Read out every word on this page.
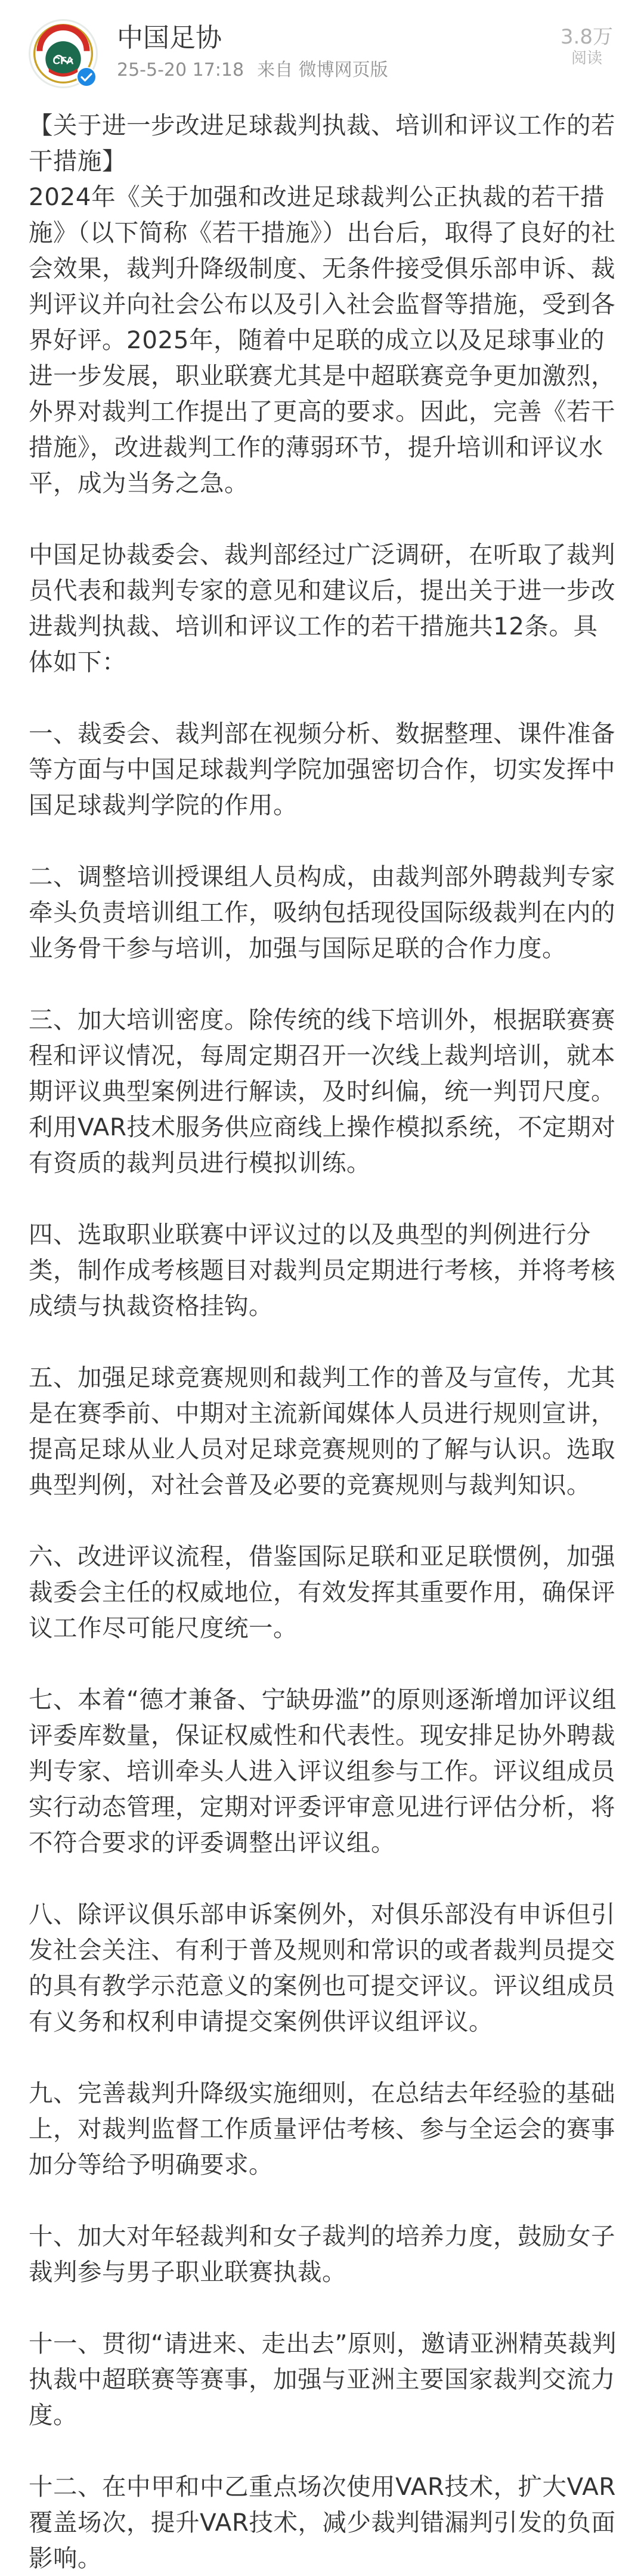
CFA
中国足协
25-5-20 17:18 来自 微博网页版
3.8万
阅读

【关于进一步改进足球裁判执裁、培训和评议工作的若干措施】

2024年《关于加强和改进足球裁判公正执裁的若干措施》（以下简称《若干措施》）出台后，取得了良好的社会效果，裁判升降级制度、无条件接受俱乐部申诉、裁判评议并向社会公布以及引入社会监督等措施，受到各界好评。2025年，随着中足联的成立以及足球事业的进一步发展，职业联赛尤其是中超联赛竞争更加激烈，外界对裁判工作提出了更高的要求。因此，完善《若干措施》，改进裁判工作的薄弱环节，提升培训和评议水平，成为当务之急。

中国足协裁委会、裁判部经过广泛调研，在听取了裁判员代表和裁判专家的意见和建议后，提出关于进一步改进裁判执裁、培训和评议工作的若干措施共12条。具体如下：

一、裁委会、裁判部在视频分析、数据整理、课件准备等方面与中国足球裁判学院加强密切合作，切实发挥中国足球裁判学院的作用。

二、调整培训授课组人员构成，由裁判部外聘裁判专家牵头负责培训组工作，吸纳包括现役国际级裁判在内的业务骨干参与培训，加强与国际足联的合作力度。

三、加大培训密度。除传统的线下培训外，根据联赛赛程和评议情况，每周定期召开一次线上裁判培训，就本期评议典型案例进行解读，及时纠偏，统一判罚尺度。利用VAR技术服务供应商线上操作模拟系统，不定期对有资质的裁判员进行模拟训练。

四、选取职业联赛中评议过的以及典型的判例进行分类，制作成考核题目对裁判员定期进行考核，并将考核成绩与执裁资格挂钩。

五、加强足球竞赛规则和裁判工作的普及与宣传，尤其是在赛季前、中期对主流新闻媒体人员进行规则宣讲，提高足球从业人员对足球竞赛规则的了解与认识。选取典型判例，对社会普及必要的竞赛规则与裁判知识。

六、改进评议流程，借鉴国际足联和亚足联惯例，加强裁委会主任的权威地位，有效发挥其重要作用，确保评议工作尽可能尺度统一。

七、本着“德才兼备、宁缺毋滥”的原则逐渐增加评议组评委库数量，保证权威性和代表性。现安排足协外聘裁判专家、培训牵头人进入评议组参与工作。评议组成员实行动态管理，定期对评委评审意见进行评估分析，将不符合要求的评委调整出评议组。

八、除评议俱乐部申诉案例外，对俱乐部没有申诉但引发社会关注、有利于普及规则和常识的或者裁判员提交的具有教学示范意义的案例也可提交评议。评议组成员有义务和权利申请提交案例供评议组评议。

九、完善裁判升降级实施细则，在总结去年经验的基础上，对裁判监督工作质量评估考核、参与全运会的赛事加分等给予明确要求。

十、加大对年轻裁判和女子裁判的培养力度，鼓励女子裁判参与男子职业联赛执裁。

十一、贯彻“请进来、走出去”原则，邀请亚洲精英裁判执裁中超联赛等赛事，加强与亚洲主要国家裁判交流力度。

十二、在中甲和中乙重点场次使用VAR技术，扩大VAR覆盖场次，提升VAR技术，减少裁判错漏判引发的负面影响。
